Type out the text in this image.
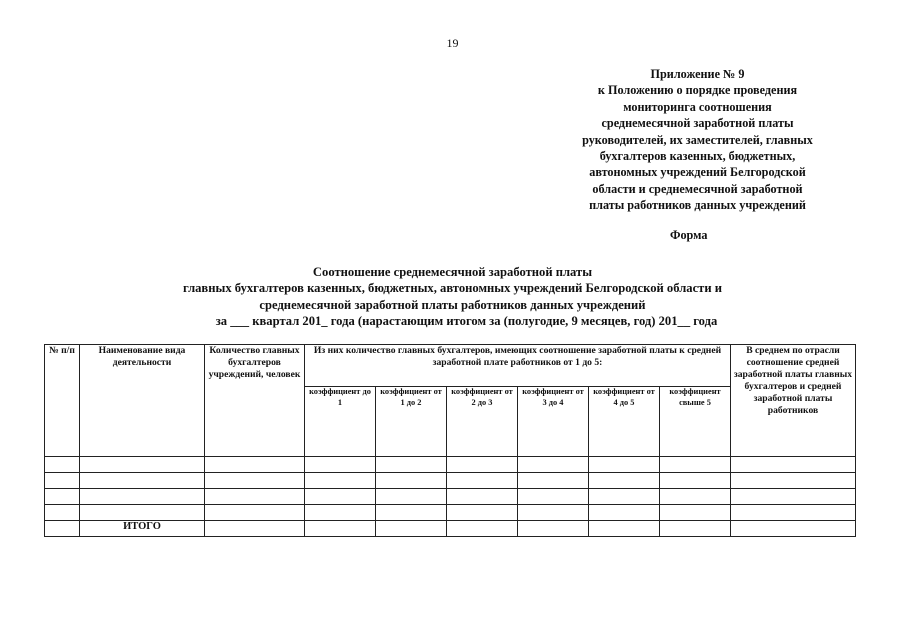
19
Приложение № 9
к Положению о порядке проведения
мониторинга соотношения
среднемесячной заработной платы
руководителей, их заместителей, главных
бухгалтеров казенных, бюджетных,
автономных учреждений Белгородской
области и среднемесячной заработной
платы работников данных учреждений
Форма
Соотношение среднемесячной заработной платы
главных бухгалтеров казенных, бюджетных, автономных учреждений Белгородской области и
среднемесячной заработной платы работников данных учреждений
за ___ квартал 201_ года (нарастающим итогом за (полугодие, 9 месяцев, год) 201__ года
№ п/п	Наименование вида деятельности	Количество главных бухгалтеров учреждений, человек	Из них количество главных бухгалтеров, имеющих соотношение заработной платы к средней заработной плате работников от 1 до 5:						В среднем по отрасли соотношение средней заработной платы главных бухгалтеров и средней заработной платы работников
			коэффициент до 1	коэффициент от 1 до 2	коэффициент от 2 до 3	коэффициент от 3 до 4	коэффициент от 4 до 5	коэффициент свыше 5	

	ИТОГО								
